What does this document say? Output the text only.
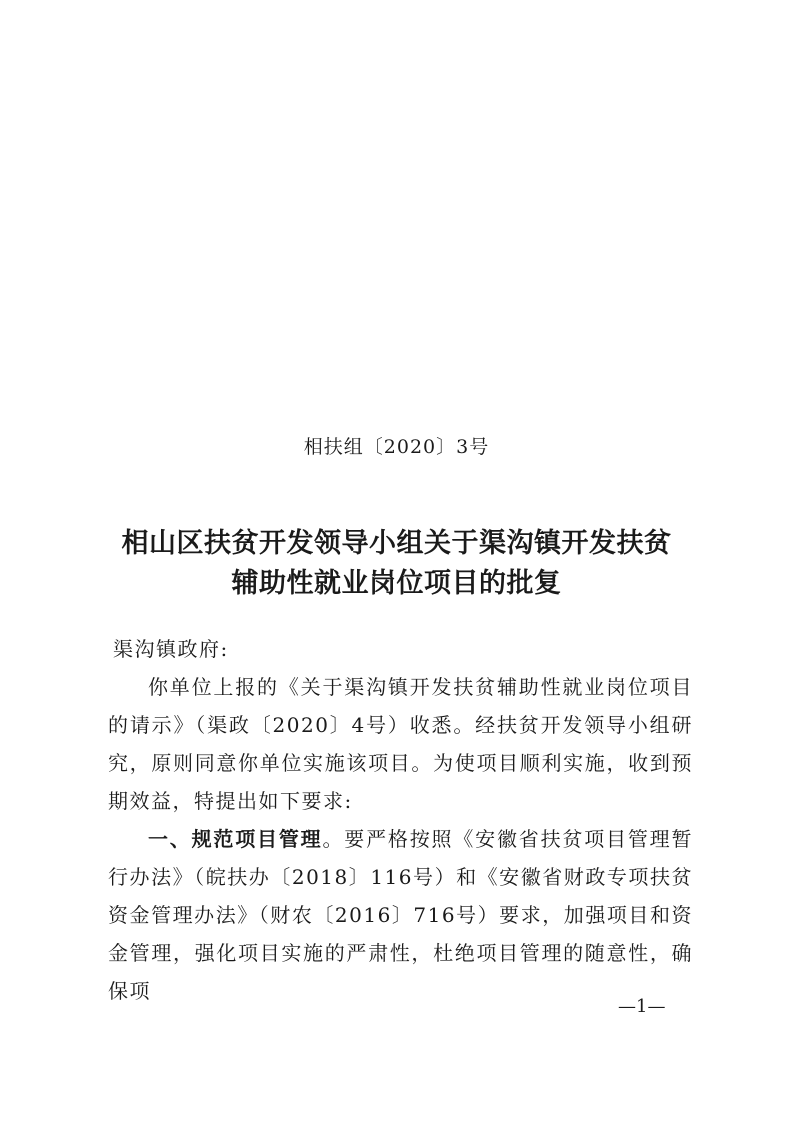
相扶组〔2020〕3号
相山区扶贫开发领导小组关于渠沟镇开发扶贫
辅助性就业岗位项目的批复

渠沟镇政府:

你单位上报的《关于渠沟镇开发扶贫辅助性就业岗位项目的请示》（渠政〔2020〕4号）收悉。经扶贫开发领导小组研究，原则同意你单位实施该项目。为使项目顺利实施，收到预期效益，特提出如下要求:

一、规范项目管理。要严格按照《安徽省扶贫项目管理暂行办法》（皖扶办〔2018〕116号）和《安徽省财政专项扶贫资金管理办法》（财农〔2016〕716号）要求，加强项目和资金管理，强化项目实施的严肃性，杜绝项目管理的随意性，确保项

—1—
